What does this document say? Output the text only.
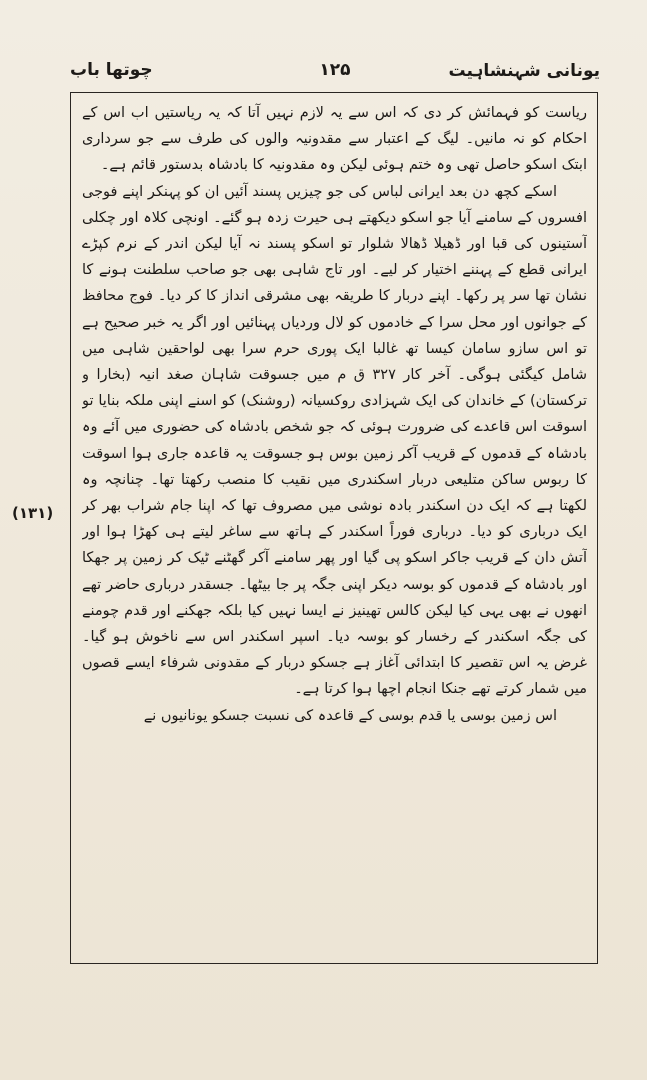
یونانی شہنشاہیت
۱۲۵
چوتھا باب

ریاست کو فہمائش کر دی کہ اس سے یہ لازم نہیں آتا کہ یہ ریاستیں اب اس کے احکام کو نہ مانیں۔ لیگ کے اعتبار سے مقدونیہ والوں کی طرف سے جو سرداری ابتک اسکو حاصل تھی وہ ختم ہوئی لیکن وہ مقدونیہ کا بادشاہ بدستور قائم ہے۔

اسکے کچھ دن بعد ایرانی لباس کی جو چیزیں پسند آئیں ان کو پہنکر اپنے فوجی افسروں کے سامنے آیا جو اسکو دیکھتے ہی حیرت زدہ ہو گئے۔ اونچی کلاہ اور چکلی آستینوں کی قبا اور ڈھیلا ڈھالا شلوار تو اسکو پسند نہ آیا لیکن اندر کے نرم کپڑے ایرانی قطع کے پہننے اختیار کر لیے۔ اور تاج شاہی بھی جو صاحب سلطنت ہونے کا نشان تھا سر پر رکھا۔ اپنے دربار کا طریقہ بھی مشرقی انداز کا کر دیا۔ فوج محافظ کے جوانوں اور محل سرا کے خادموں کو لال وردیاں پہنائیں اور اگر یہ خبر صحیح ہے تو اس سازو سامان کیسا تھ غالبا ایک پوری حرم سرا بھی لواحقین شاہی میں شامل کیگئی ہوگی۔ آخر کار ۳۲۷ ق م میں جسوقت شاہان صغد انیہ (بخارا و ترکستان) کے خاندان کی ایک شہزادی روکسیانہ (روشنک) کو اسنے اپنی ملکہ بنایا تو اسوقت اس قاعدے کی ضرورت ہوئی کہ جو شخص بادشاہ کی حضوری میں آئے وہ بادشاہ کے قدموں کے قریب آکر زمین بوس ہو جسوقت یہ قاعدہ جاری ہوا اسوقت کا ربوس ساکن متلیعی دربار اسکندری میں نقیب کا منصب رکھتا تھا۔ چنانچہ وہ لکھتا ہے کہ ایک دن اسکندر بادہ نوشی میں مصروف تھا کہ اپنا جام شراب بھر کر ایک درباری کو دیا۔ درباری فوراً اسکندر کے ہاتھ سے ساغر لیتے ہی کھڑا ہوا اور آتش دان کے قریب جاکر اسکو پی گیا اور پھر سامنے آکر گھٹنے ٹیک کر زمین پر جھکا اور بادشاہ کے قدموں کو بوسہ دیکر اپنی جگہ پر جا بیٹھا۔ جسقدر درباری حاضر تھے انھوں نے بھی یہی کیا لیکن کالس تھینیز نے ایسا نہیں کیا بلکہ جھکنے اور قدم چومنے کی جگہ اسکندر کے رخسار کو بوسہ دیا۔ اسپر اسکندر اس سے ناخوش ہو گیا۔ غرض یہ اس تقصیر کا ابتدائی آغاز ہے جسکو دربار کے مقدونی شرفاء ایسے قصوں میں شمار کرتے تھے جنکا انجام اچھا ہوا کرتا ہے۔

اس زمین بوسی یا قدم بوسی کے قاعدہ کی نسبت جسکو یونانیوں نے

(۱۳۱)
